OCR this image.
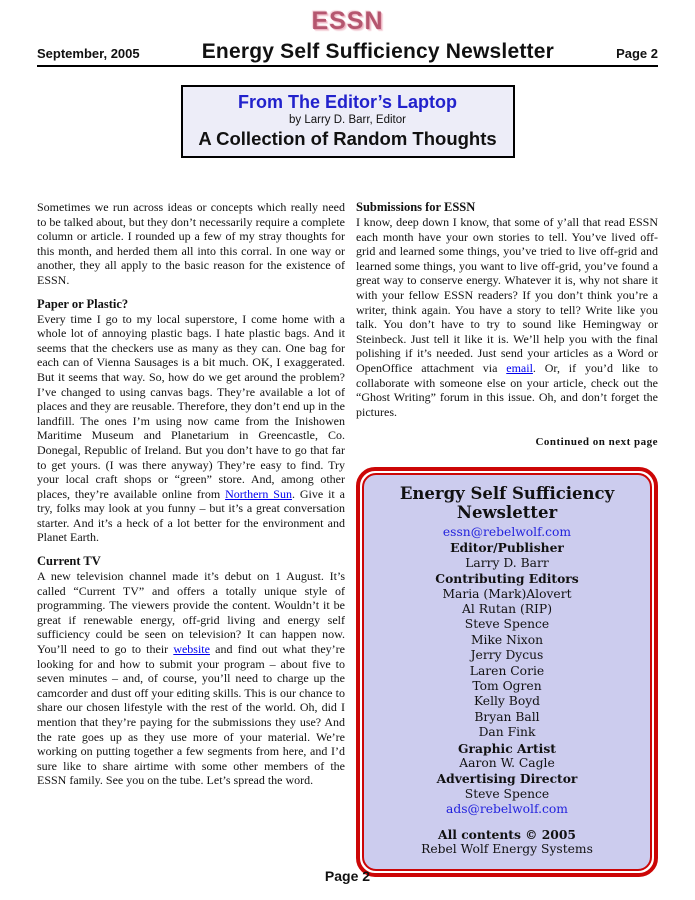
ESSN
September, 2005	Energy Self Sufficiency Newsletter	Page 2
From The Editor’s Laptop
by Larry D. Barr, Editor
A Collection of Random Thoughts

Sometimes we run across ideas or concepts which really need to be talked about, but they don’t necessarily require a complete column or article. I rounded up a few of my stray thoughts for this month, and herded them all into this corral. In one way or another, they all apply to the basic reason for the existence of ESSN.

Paper or Plastic?

Every time I go to my local superstore, I come home with a whole lot of annoying plastic bags. I hate plastic bags. And it seems that the checkers use as many as they can. One bag for each can of Vienna Sausages is a bit much. OK, I exaggerated. But it seems that way. So, how do we get around the problem? I’ve changed to using canvas bags. They’re available a lot of places and they are reusable. Therefore, they don’t end up in the landfill. The ones I’m using now came from the Inishowen Maritime Museum and Planetarium in Greencastle, Co. Donegal, Republic of Ireland. But you don’t have to go that far to get yours. (I was there anyway) They’re easy to find. Try your local craft shops or “green” store. And, among other places, they’re available online from Northern Sun. Give it a try, folks may look at you funny – but it’s a great conversation starter. And it’s a heck of a lot better for the environment and Planet Earth.

Current TV

A new television channel made it’s debut on 1 August. It’s called “Current TV” and offers a totally unique style of programming. The viewers provide the content. Wouldn’t it be great if renewable energy, off-grid living and energy self sufficiency could be seen on television? It can happen now. You’ll need to go to their website and find out what they’re looking for and how to submit your program – about five to seven minutes – and, of course, you’ll need to charge up the camcorder and dust off your editing skills. This is our chance to share our chosen lifestyle with the rest of the world. Oh, did I mention that they’re paying for the submissions they use? And the rate goes up as they use more of your material. We’re working on putting together a few segments from here, and I’d sure like to share airtime with some other members of the ESSN family. See you on the tube. Let’s spread the word.

Submissions for ESSN

I know, deep down I know, that some of y’all that read ESSN each month have your own stories to tell. You’ve lived off-grid and learned some things, you’ve tried to live off-grid and learned some things, you want to live off-grid, you’ve found a great way to conserve energy. Whatever it is, why not share it with your fellow ESSN readers? If you don’t think you’re a writer, think again. You have a story to tell? Write like you talk. You don’t have to try to sound like Hemingway or Steinbeck. Just tell it like it is. We’ll help you with the final polishing if it’s needed. Just send your articles as a Word or OpenOffice attachment via email. Or, if you’d like to collaborate with someone else on your article, check out the “Ghost Writing” forum in this issue. Oh, and don’t forget the pictures.

Continued on next page
Energy Self Sufficiency Newsletter
essn@rebelwolf.com
Editor/Publisher
Larry D. Barr
Contributing Editors
Maria (Mark)Alovert
Al Rutan (RIP)
Steve Spence
Mike Nixon
Jerry Dycus
Laren Corie
Tom Ogren
Kelly Boyd
Bryan Ball
Dan Fink
Graphic Artist
Aaron W. Cagle
Advertising Director
Steve Spence
ads@rebelwolf.com
All contents © 2005
Rebel Wolf Energy Systems
Page 2
